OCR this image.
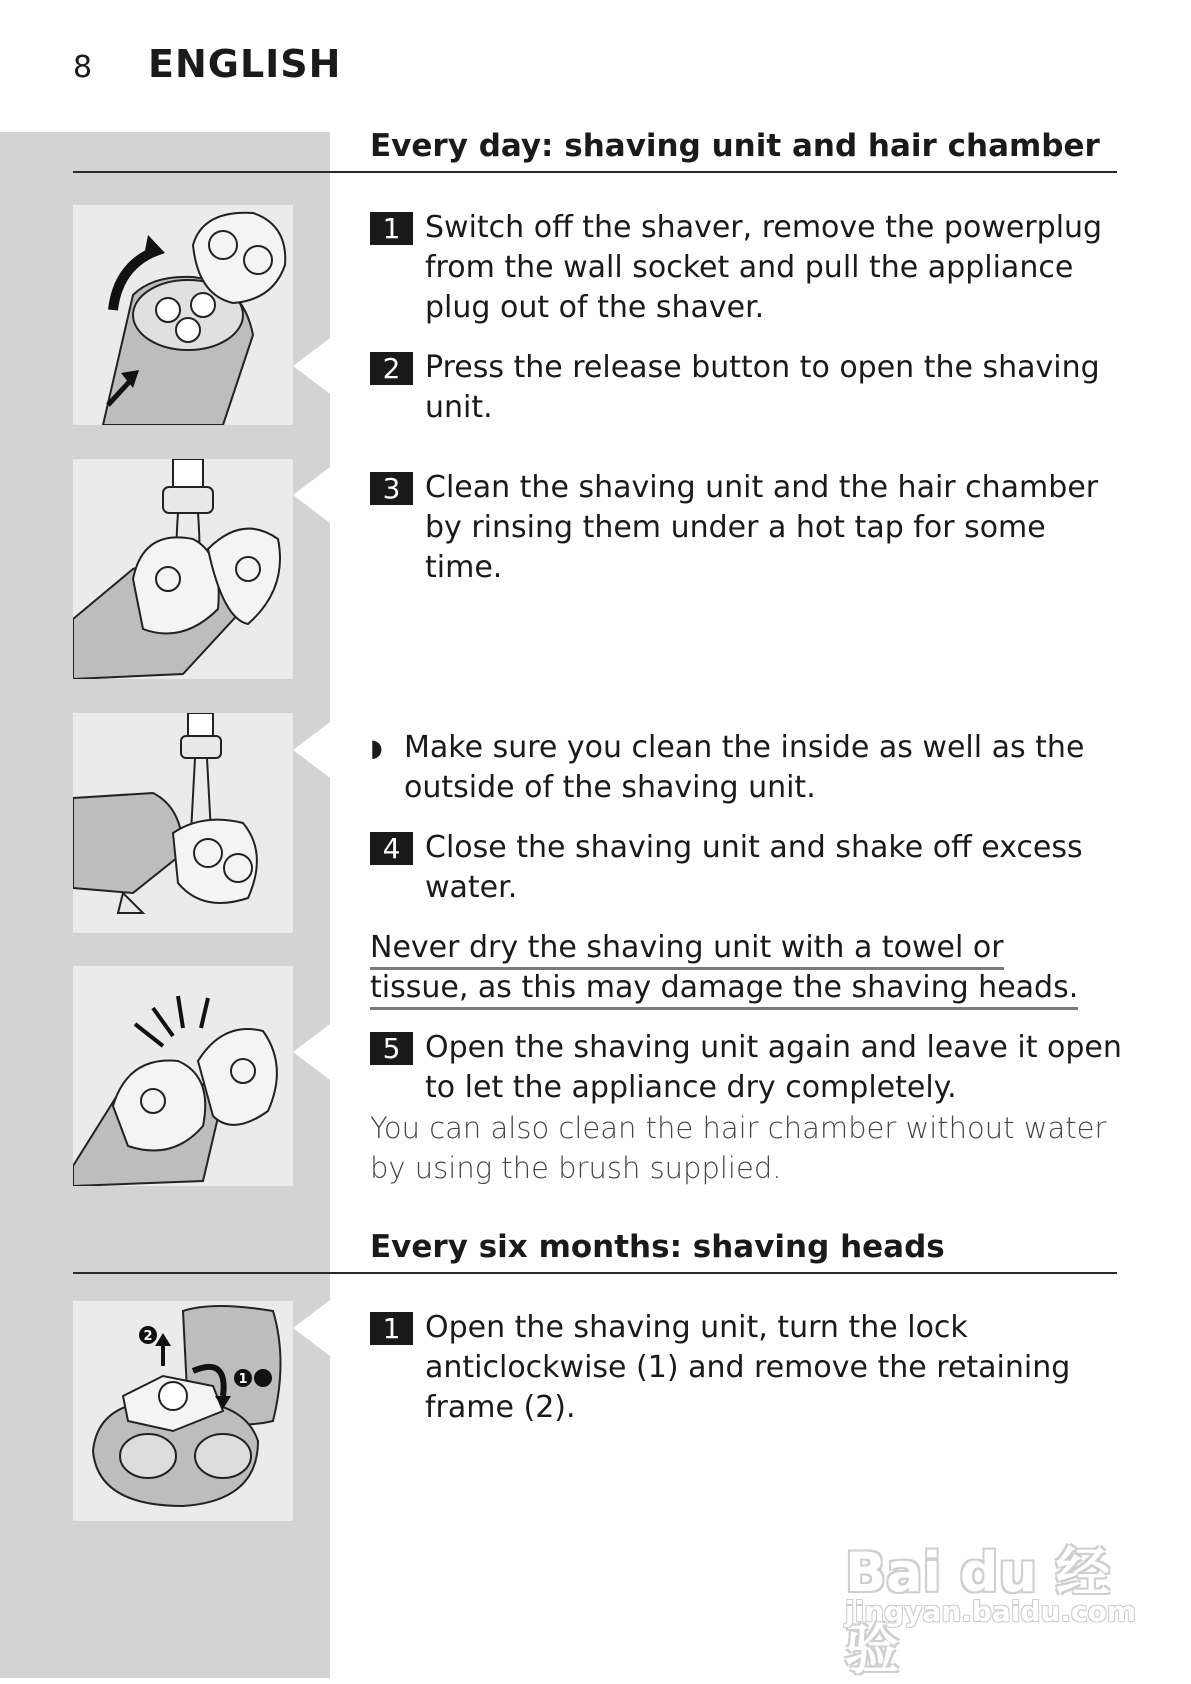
8 ENGLISH
Every day: shaving unit and hair chamber
1 Switch off the shaver, remove the powerplug from the wall socket and pull the appliance plug out of the shaver.
2 Press the release button to open the shaving unit.
3 Clean the shaving unit and the hair chamber by rinsing them under a hot tap for some time.
◗ Make sure you clean the inside as well as the outside of the shaving unit.
4 Close the shaving unit and shake off excess water.
Never dry the shaving unit with a towel or tissue, as this may damage the shaving heads.
5 Open the shaving unit again and leave it open to let the appliance dry completely.
You can also clean the hair chamber without water by using the brush supplied.
Every six months: shaving heads
2
1
1 Open the shaving unit, turn the lock anticlockwise (1) and remove the retaining frame (2).
Bai du 经验
jingyan.baidu.com
